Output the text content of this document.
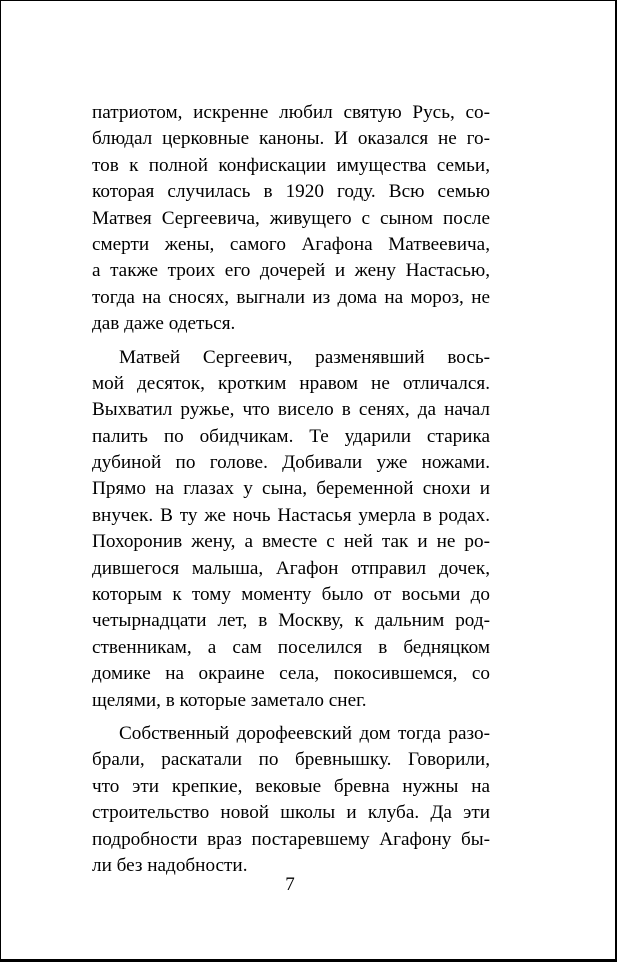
патриотом, искренне любил святую Русь, со-
блюдал церковные каноны. И оказался не го-
тов к полной конфискации имущества семьи,
которая случилась в 1920 году. Всю семью
Матвея Сергеевича, живущего с сыном после
смерти жены, самого Агафона Матвеевича,
а также троих его дочерей и жену Настасью,
тогда на сносях, выгнали из дома на мороз, не
дав даже одеться.
Матвей Сергеевич, разменявший вось-
мой десяток, кротким нравом не отличался.
Выхватил ружье, что висело в сенях, да начал
палить по обидчикам. Те ударили старика
дубиной по голове. Добивали уже ножами.
Прямо на глазах у сына, беременной снохи и
внучек. В ту же ночь Настасья умерла в родах.
Похоронив жену, а вместе с ней так и не ро-
дившегося малыша, Агафон отправил дочек,
которым к тому моменту было от восьми до
четырнадцати лет, в Москву, к дальним род-
ственникам, а сам поселился в бедняцком
домике на окраине села, покосившемся, со
щелями, в которые заметало снег.
Собственный дорофеевский дом тогда разо-
брали, раскатали по бревнышку. Говорили,
что эти крепкие, вековые бревна нужны на
строительство новой школы и клуба. Да эти
подробности враз постаревшему Агафону бы-
ли без надобности.
7
